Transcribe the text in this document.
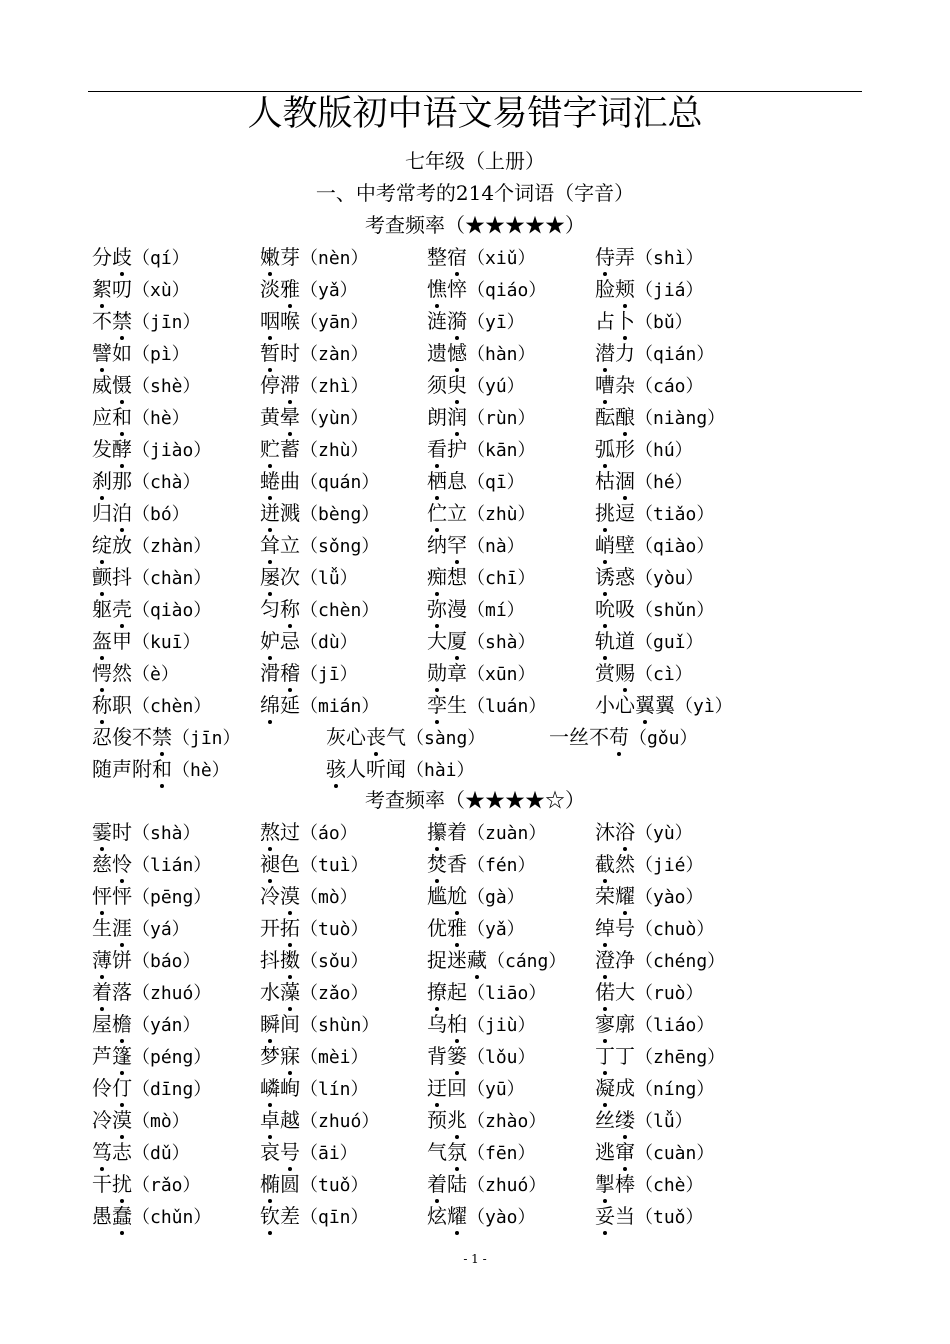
人教版初中语文易错字词汇总
七年级（上册）
一、中考常考的214个词语（字音）
考查频率（★★★★★）
分歧（qí）	嫩芽（nèn）	整宿（xiǔ）	侍弄（shì）
絮叨（xù）	淡雅（yǎ）	憔悴（qiáo） 脸颊（jiá）
不禁（jīn）	咽喉（yān）	涟漪（yī）	占卜（bǔ）
譬如（pì）	暂时（zàn）	遗憾（hàn）	潜力（qián）
威慑（shè）	停滞（zhì）	须臾（yú）	嘈杂（cáo）
应和（hè）	黄晕（yùn）	朗润（rùn）	酝酿（niàng）
发酵（jiào） 贮蓄（zhù）	看护（kān）	弧形（hú）
刹那（chà）	蜷曲（quán） 栖息（qī）	枯涸（hé）
归泊（bó）	迸溅（bèng） 伫立（zhù）	挑逗（tiǎo）
绽放（zhàn） 耸立（sǒng） 纳罕（nà）	峭壁（qiào）
颤抖（chàn） 屡次（lǚ）	痴想（chī）	诱惑（yòu）
躯壳（qiào） 匀称（chèn） 弥漫（mí）	吮吸（shǔn）
盔甲（kuī）	妒忌（dù）	大厦（shà）	轨道（guǐ）
愕然（è）	滑稽（jī）	勋章（xūn）	赏赐（cì）
称职（chèn） 绵延（mián） 孪生（luán） 小心翼翼（yì）
忍俊不禁（jīn）	灰心丧气（sàng）	一丝不苟（gǒu）
随声附和（hè）	骇人听闻（hài）
考查频率（★★★★☆）
霎时（shà）	熬过（áo）	攥着（zuàn） 沐浴（yù）
慈怜（lián） 褪色（tuì）	焚香（fén）	截然（jié）
怦怦（pēng） 冷漠（mò）	尴尬（gà）	荣耀（yào）
生涯（yá）	开拓（tuò）	优雅（yǎ）	绰号（chuò）
薄饼（báo）	抖擞（sǒu）	捉迷藏（cáng） 澄净（chéng）
着落（zhuó） 水藻（zǎo）	撩起（liāo） 偌大（ruò）
屋檐（yán）	瞬间（shùn） 乌桕（jiù）	寥廓（liáo）
芦篷（péng） 梦寐（mèi）	背篓（lǒu）	丁丁（zhēng）
伶仃（dīng） 嶙峋（lín）	迂回（yū）	凝成（níng）
冷漠（mò）	卓越（zhuó） 预兆（zhào） 丝缕（lǚ）
笃志（dǔ）	哀号（āi）	气氛（fēn）	逃窜（cuàn）
干扰（rǎo）	椭圆（tuǒ）	着陆（zhuó） 掣棒（chè）
愚蠢（chǔn） 钦差（qīn）	炫耀（yào）	妥当（tuǒ）
- 1 -
